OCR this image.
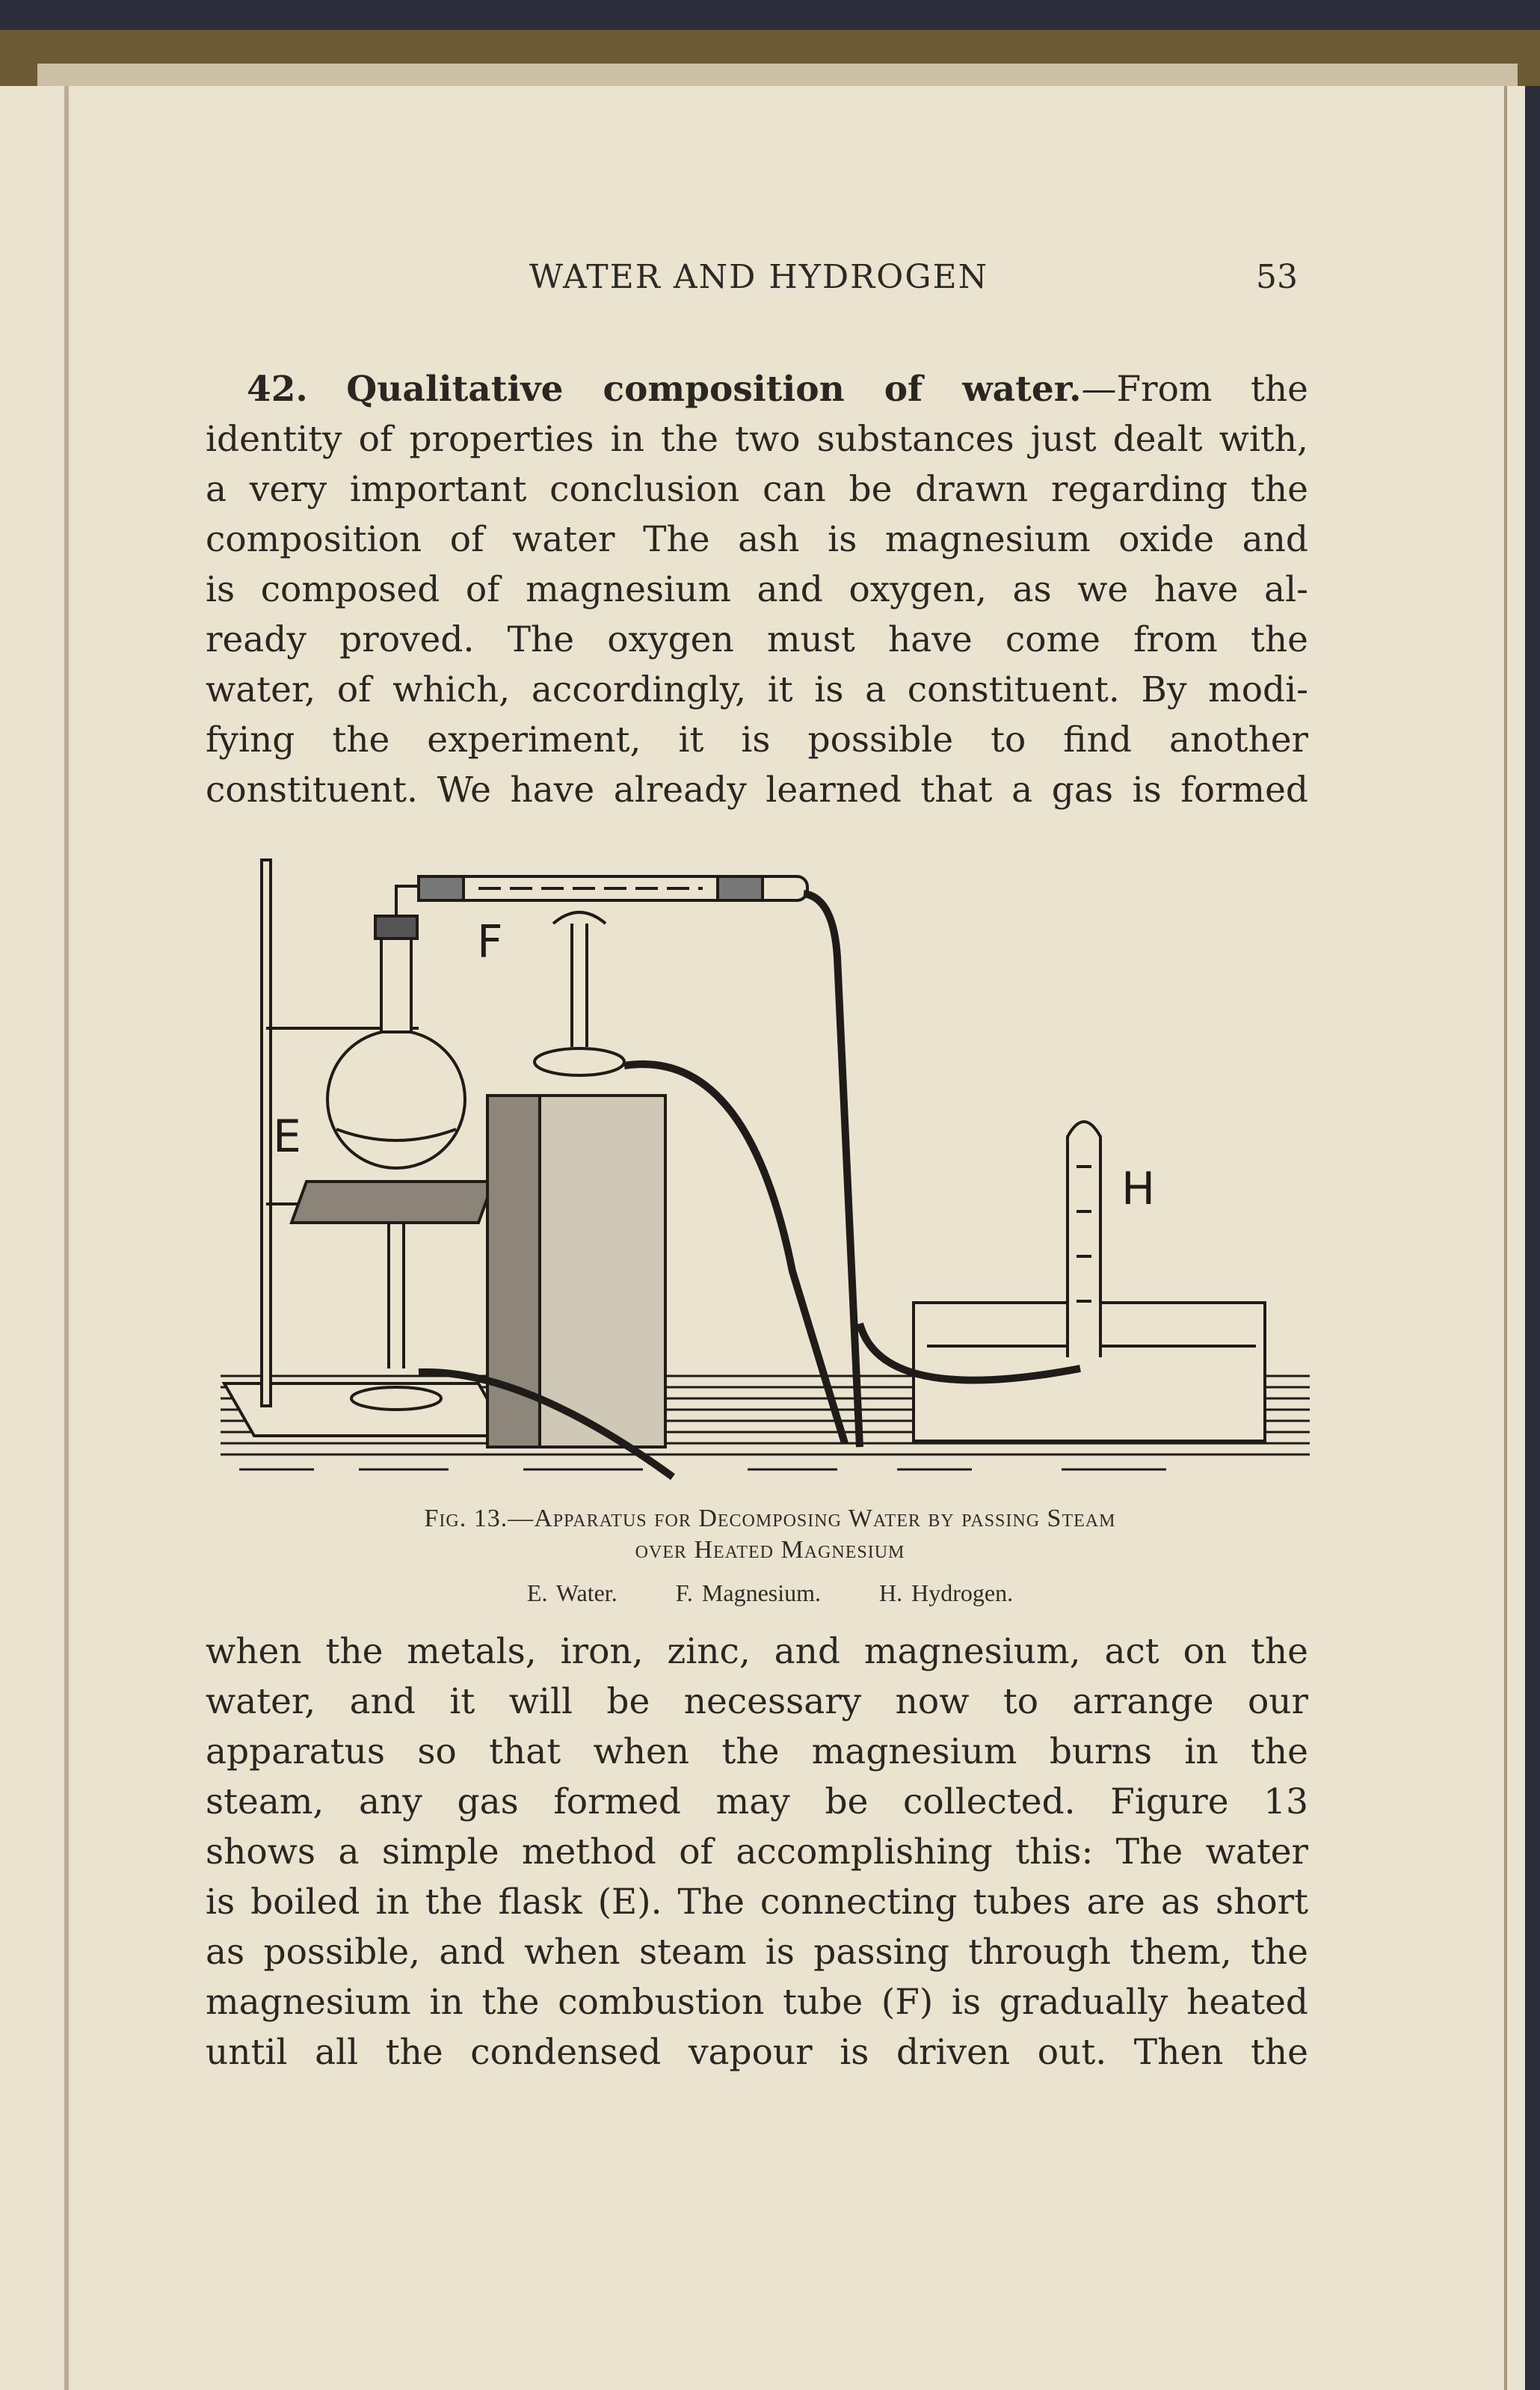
WATER AND HYDROGEN	53
42. Qualitative composition of water.—From the
identity of properties in the two substances just dealt with,
a very important conclusion can be drawn regarding the
composition of water The ash is magnesium oxide and
is composed of magnesium and oxygen, as we have al-
ready proved. The oxygen must have come from the
water, of which, accordingly, it is a constituent. By modi-
fying the experiment, it is possible to find another
constituent. We have already learned that a gas is formed
F
E
H
Fig. 13.—Apparatus for Decomposing Water by passing Steam
over Heated Magnesium
E. Water. F. Magnesium. H. Hydrogen.
when the metals, iron, zinc, and magnesium, act on the
water, and it will be necessary now to arrange our
apparatus so that when the magnesium burns in the
steam, any gas formed may be collected. Figure 13
shows a simple method of accomplishing this: The water
is boiled in the flask (E). The connecting tubes are as short
as possible, and when steam is passing through them, the
magnesium in the combustion tube (F) is gradually heated
until all the condensed vapour is driven out. Then the
